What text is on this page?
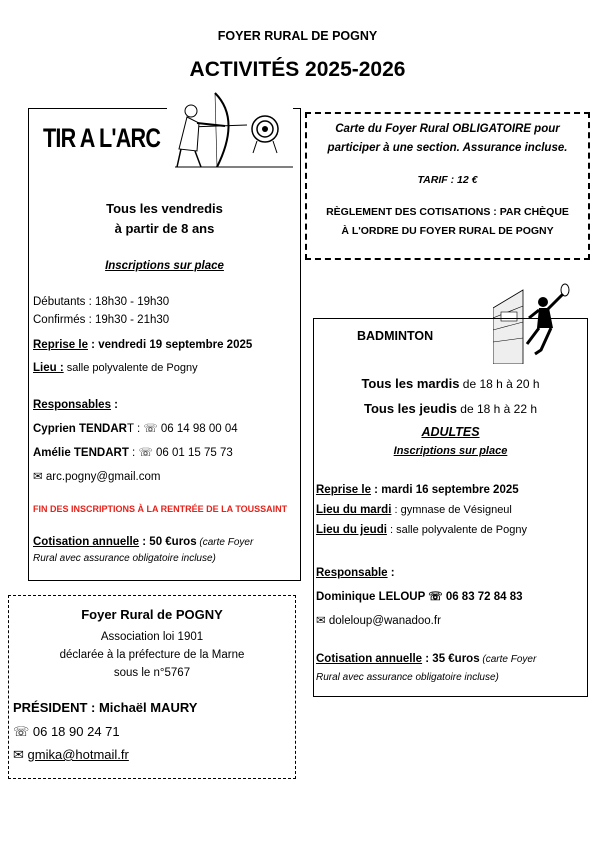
FOYER RURAL DE POGNY
ACTIVITÉS 2025-2026
TIR A L'ARC
Tous les vendredis
à partir de 8 ans
Inscriptions sur place
Débutants : 18h30 - 19h30
Confirmés : 19h30 - 21h30
Reprise le : vendredi 19 septembre 2025
Lieu : salle polyvalente de Pogny
Responsables :
Cyprien TENDART : ☏ 06 14 98 00 04
Amélie TENDART : ☏ 06 01 15 75 73
✉ arc.pogny@gmail.com
FIN DES INSCRIPTIONS À LA RENTRÉE DE LA TOUSSAINT
Cotisation annuelle : 50 €uros (carte Foyer
Rural avec assurance obligatoire incluse)
Carte du Foyer Rural OBLIGATOIRE pour
participer à une section. Assurance incluse.
TARIF : 12 €
RÈGLEMENT DES COTISATIONS : PAR CHÈQUE
À L'ORDRE DU FOYER RURAL DE POGNY
BADMINTON
Tous les mardis de 18 h à 20 h
Tous les jeudis de 18 h à 22 h
ADULTES
Inscriptions sur place
Reprise le : mardi 16 septembre 2025
Lieu du mardi : gymnase de Vésigneul
Lieu du jeudi : salle polyvalente de Pogny
Responsable :
Dominique LELOUP ☏ 06 83 72 84 83
✉ doleloup@wanadoo.fr
Cotisation annuelle : 35 €uros (carte Foyer
Rural avec assurance obligatoire incluse)
Foyer Rural de POGNY
Association loi 1901
déclarée à la préfecture de la Marne
sous le n°5767
PRÉSIDENT : Michaël MAURY
☏ 06 18 90 24 71
✉ gmika@hotmail.fr
